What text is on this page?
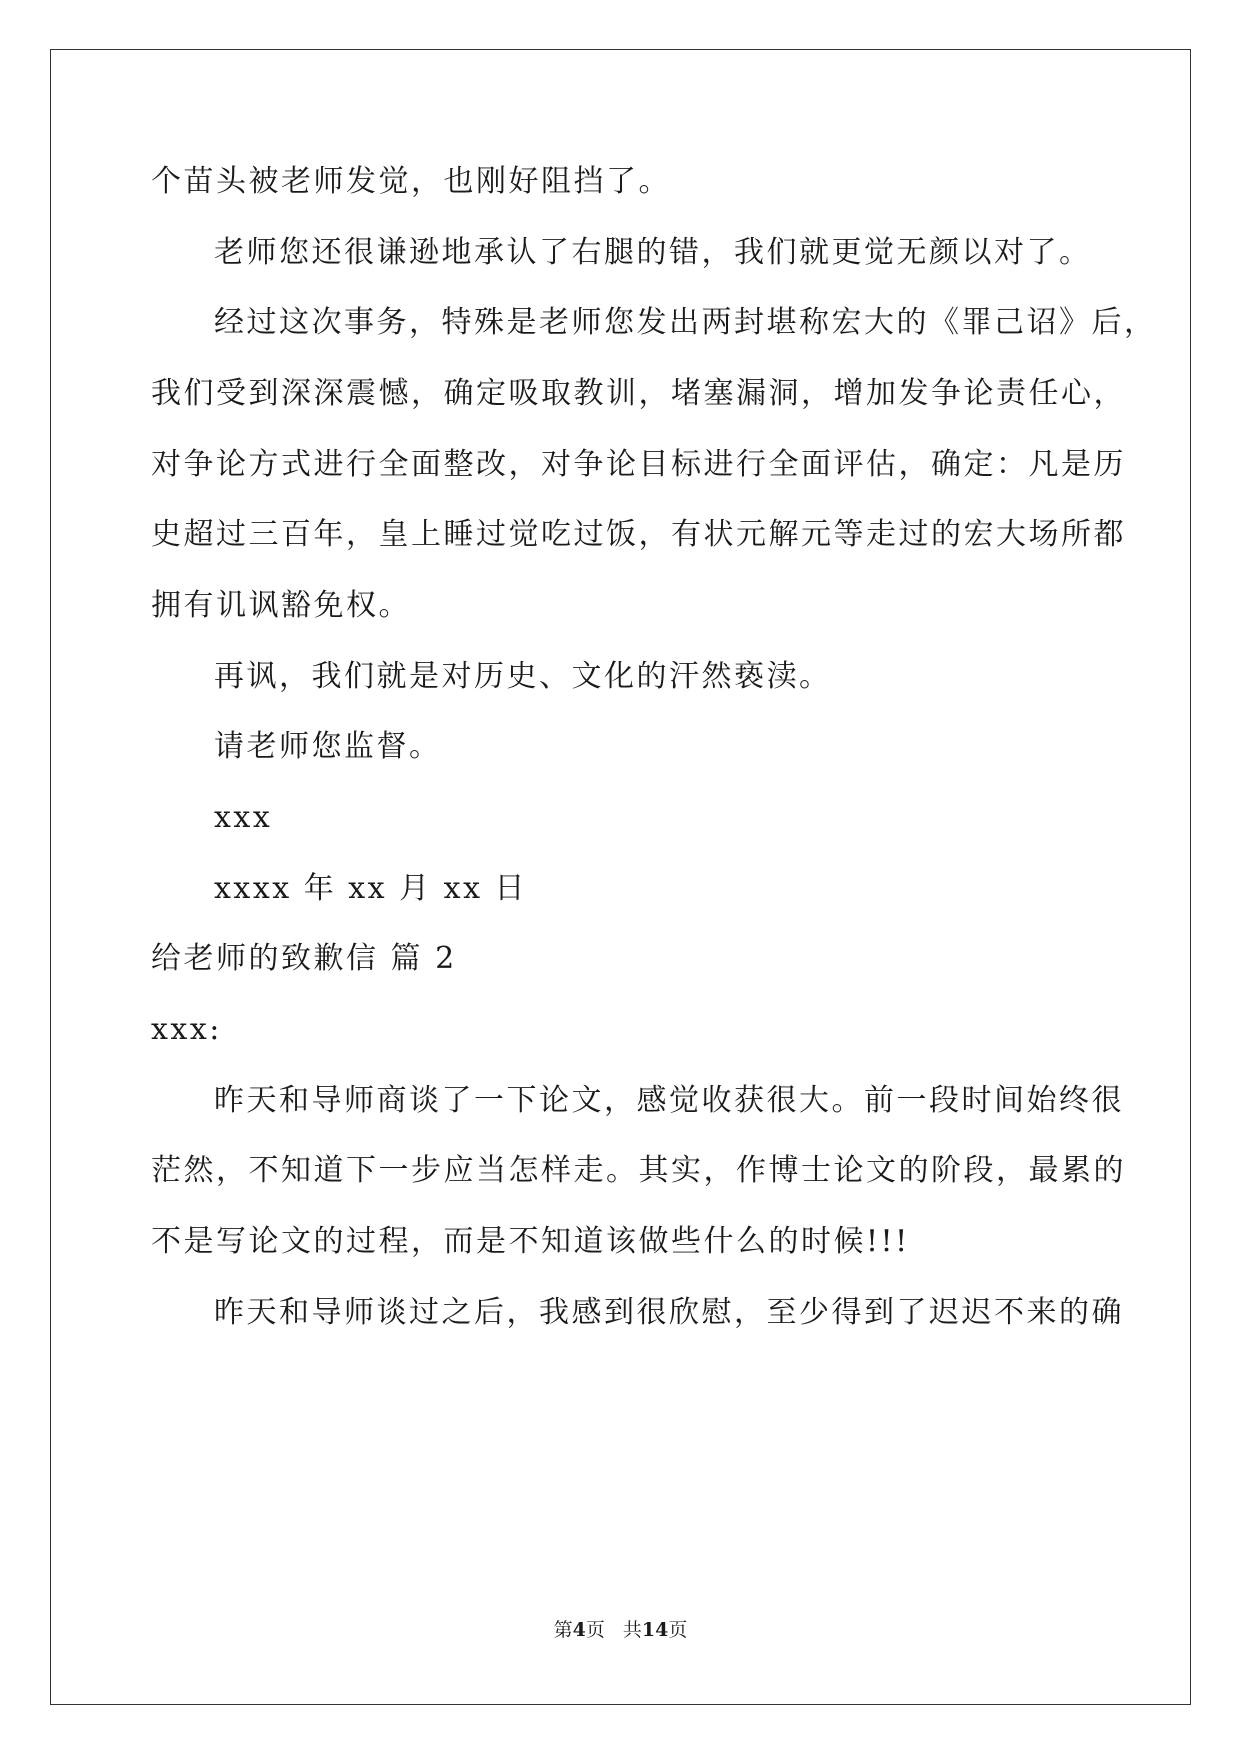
个苗头被老师发觉，也刚好阻挡了。
老师您还很谦逊地承认了右腿的错，我们就更觉无颜以对了。
经过这次事务，特殊是老师您发出两封堪称宏大的《罪己诏》后，
我们受到深深震憾，确定吸取教训，堵塞漏洞，增加发争论责任心，
对争论方式进行全面整改，对争论目标进行全面评估，确定：凡是历
史超过三百年，皇上睡过觉吃过饭，有状元解元等走过的宏大场所都
拥有讥讽豁免权。
再讽，我们就是对历史、文化的汗然亵渎。
请老师您监督。
xxx
xxxx 年 xx 月 xx 日
给老师的致歉信 篇 2
xxx:
昨天和导师商谈了一下论文，感觉收获很大。前一段时间始终很
茫然，不知道下一步应当怎样走。其实，作博士论文的阶段，最累的
不是写论文的过程，而是不知道该做些什么的时候!!!
昨天和导师谈过之后，我感到很欣慰，至少得到了迟迟不来的确
第4页 共14页
